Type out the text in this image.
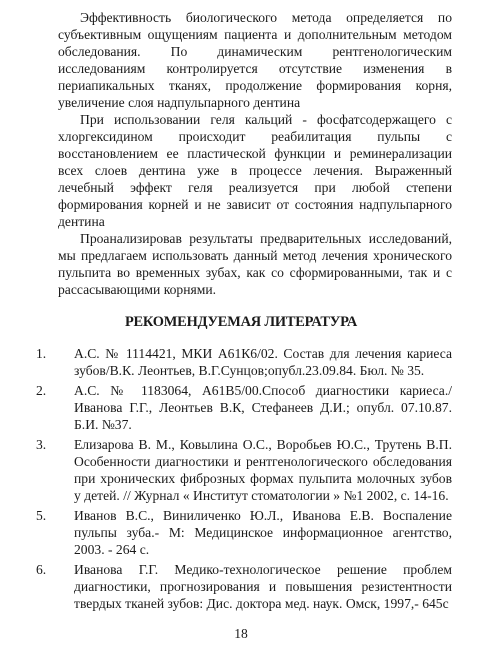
Эффективность биологического метода определяется по субъективным ощущениям пациента и дополнительным методом обследования. По динамическим рентгенологическим исследованиям контролируется отсутствие изменения в периапикальных тканях, продолжение формирования корня, увеличение слоя надпульпарного дентина

При использовании геля кальций - фосфатсодержащего с хлоргексидином происходит реабилитация пульпы с восстановлением ее пластической функции и реминерализации всех слоев дентина уже в процессе лечения. Выраженный лечебный эффект геля реализуется при любой степени формирования корней и не зависит от состояния надпульпарного дентина

Проанализировав результаты предварительных исследований, мы предлагаем использовать данный метод лечения хронического пульпита во временных зубах, как со сформированными, так и с рассасывающими корнями.

РЕКОМЕНДУЕМАЯ ЛИТЕРАТУРА
1.	А.С. № 1114421, МКИ А61К6/02. Состав для лечения кариеса зубов/В.К. Леонтьев, В.Г.Сунцов;опубл.23.09.84. Бюл. № 35.
2.	А.С. № 1183064, А61В5/00.Способ диагностики кариеса./ Иванова Г.Г., Леонтьев В.К, Стефанеев Д.И.; опубл. 07.10.87. Б.И. №37.
3.	Елизарова В. М., Ковылина О.С., Воробьев Ю.С., Трутень В.П. Особенности диагностики и рентгенологического обследования при хронических фиброзных формах пульпита молочных зубов у детей. // Журнал « Институт стоматологии » №1 2002, с. 14-16.
5.	Иванов В.С., Виниличенко Ю.Л., Иванова Е.В. Воспаление пульпы зуба.- М: Медицинское информационное агентство, 2003. - 264 с.
6.	Иванова Г.Г. Медико-технологическое решение проблем диагностики, прогнозирования и повышения резистентности твердых тканей зубов: Дис. доктора мед. наук. Омск, 1997,- 645с
18
